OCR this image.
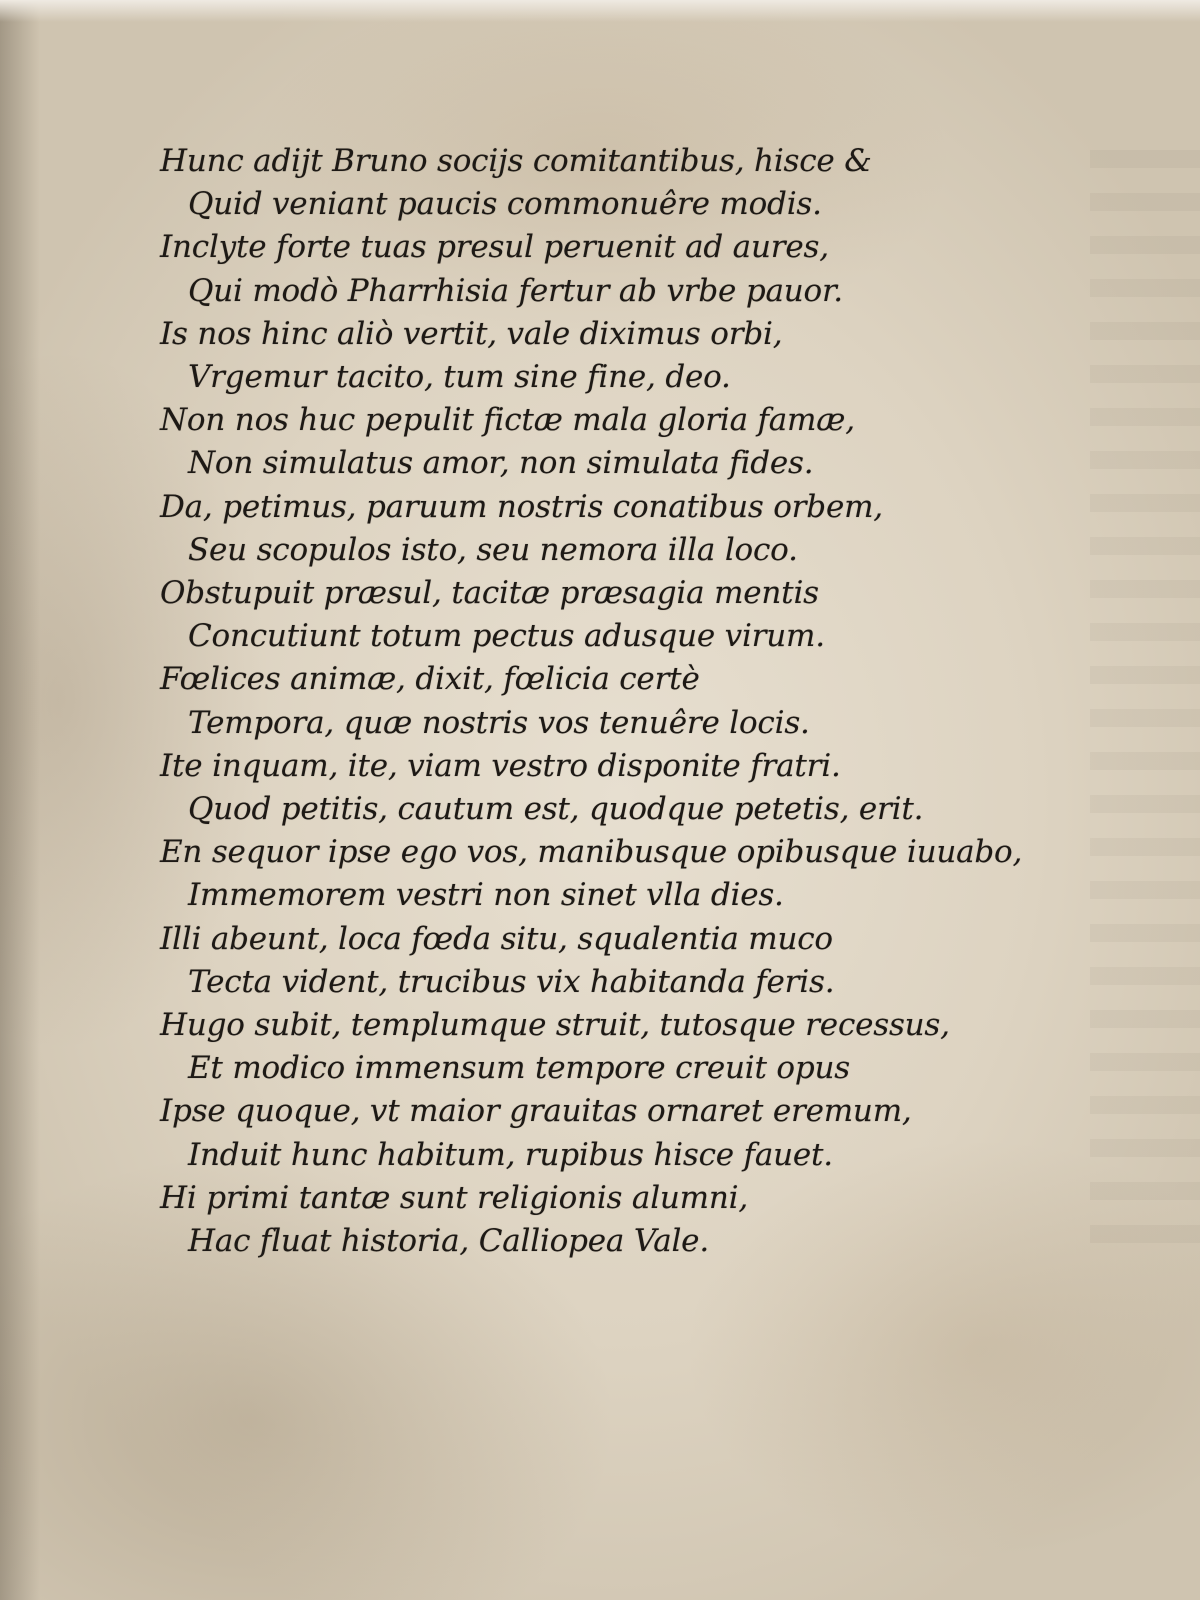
Hunc adijt Bruno socijs comitantibus, hisce &
Quid veniant paucis commonuêre modis.
Inclyte forte tuas presul peruenit ad aures,
Qui modò Pharrhisia fertur ab vrbe pauor.
Is nos hinc aliò vertit, vale diximus orbi,
Vrgemur tacito, tum sine fine, deo.
Non nos huc pepulit fictæ mala gloria famæ,
Non simulatus amor, non simulata fides.
Da, petimus, paruum nostris conatibus orbem,
Seu scopulos isto, seu nemora illa loco.
Obstupuit præsul, tacitæ præsagia mentis
Concutiunt totum pectus adusque virum.
Fœlices animæ, dixit, fœlicia certè
Tempora, quæ nostris vos tenuêre locis.
Ite inquam, ite, viam vestro disponite fratri.
Quod petitis, cautum est, quodque petetis, erit.
En sequor ipse ego vos, manibusque opibusque iuuabo,
Immemorem vestri non sinet vlla dies.
Illi abeunt, loca fœda situ, squalentia muco
Tecta vident, trucibus vix habitanda feris.
Hugo subit, templumque struit, tutosque recessus,
Et modico immensum tempore creuit opus
Ipse quoque, vt maior grauitas ornaret eremum,
Induit hunc habitum, rupibus hisce fauet.
Hi primi tantæ sunt religionis alumni,
Hac fluat historia, Calliopea Vale.
